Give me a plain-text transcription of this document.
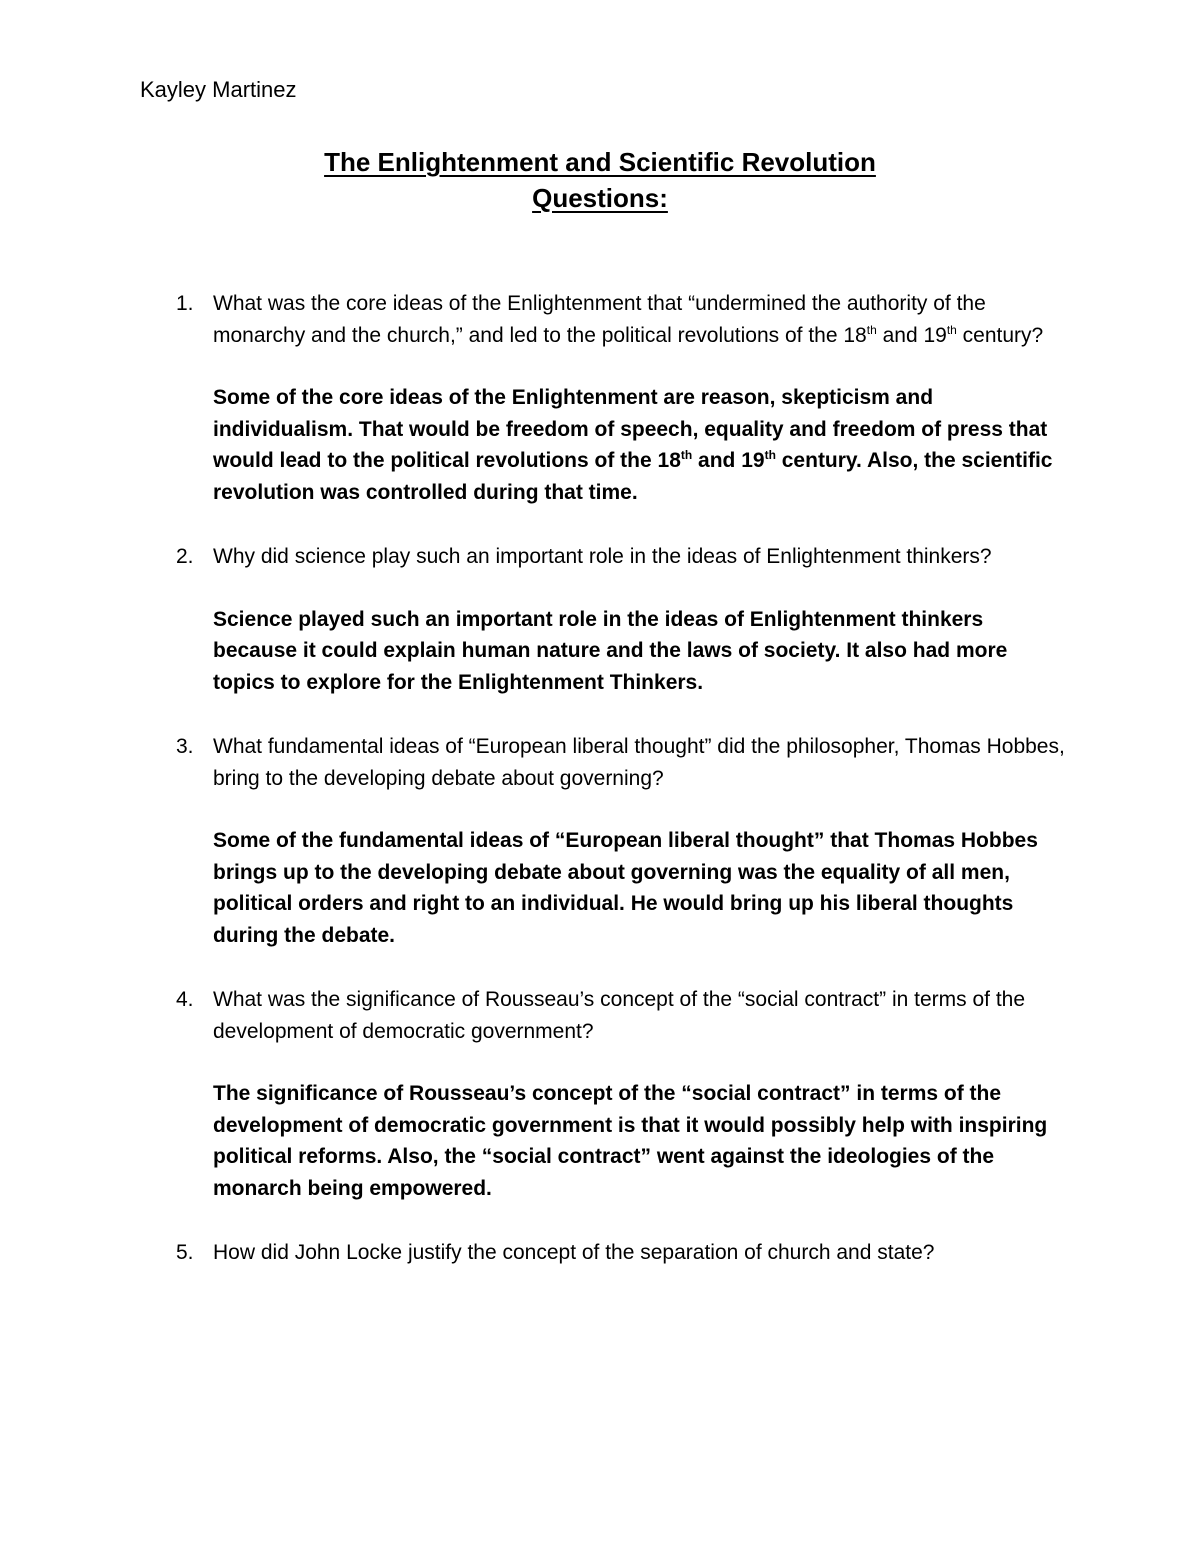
Kayley Martinez
The Enlightenment and Scientific Revolution
Questions:
1. What was the core ideas of the Enlightenment that “undermined the authority of the monarchy and the church,” and led to the political revolutions of the 18th and 19th century?

Some of the core ideas of the Enlightenment are reason, skepticism and individualism. That would be freedom of speech, equality and freedom of press that would lead to the political revolutions of the 18th and 19th century. Also, the scientific revolution was controlled during that time.

2. Why did science play such an important role in the ideas of Enlightenment thinkers?

Science played such an important role in the ideas of Enlightenment thinkers because it could explain human nature and the laws of society. It also had more topics to explore for the Enlightenment Thinkers.

3. What fundamental ideas of “European liberal thought” did the philosopher, Thomas Hobbes, bring to the developing debate about governing?

Some of the fundamental ideas of “European liberal thought” that Thomas Hobbes brings up to the developing debate about governing was the equality of all men, political orders and right to an individual. He would bring up his liberal thoughts during the debate.

4. What was the significance of Rousseau’s concept of the “social contract” in terms of the development of democratic government?

The significance of Rousseau’s concept of the “social contract” in terms of the development of democratic government is that it would possibly help with inspiring political reforms. Also, the “social contract” went against the ideologies of the monarch being empowered.

5. How did John Locke justify the concept of the separation of church and state?
